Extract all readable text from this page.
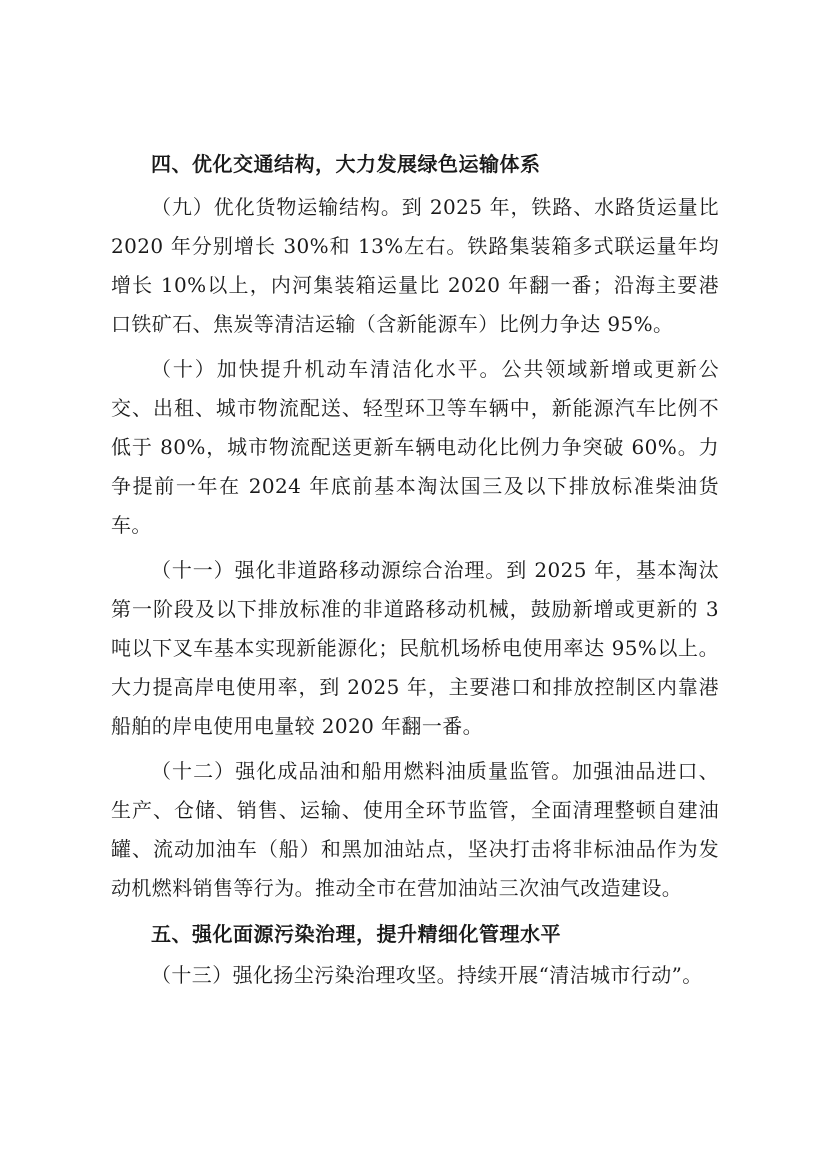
四、优化交通结构，大力发展绿色运输体系

（九）优化货物运输结构。到 2025 年，铁路、水路货运量比 2020 年分别增长 30%和 13%左右。铁路集装箱多式联运量年均增长 10%以上，内河集装箱运量比 2020 年翻一番；沿海主要港口铁矿石、焦炭等清洁运输（含新能源车）比例力争达 95%。

（十）加快提升机动车清洁化水平。公共领域新增或更新公交、出租、城市物流配送、轻型环卫等车辆中，新能源汽车比例不低于 80%，城市物流配送更新车辆电动化比例力争突破 60%。力争提前一年在 2024 年底前基本淘汰国三及以下排放标准柴油货车。

（十一）强化非道路移动源综合治理。到 2025 年，基本淘汰第一阶段及以下排放标准的非道路移动机械，鼓励新增或更新的 3 吨以下叉车基本实现新能源化；民航机场桥电使用率达 95%以上。大力提高岸电使用率，到 2025 年，主要港口和排放控制区内靠港船舶的岸电使用电量较 2020 年翻一番。

（十二）强化成品油和船用燃料油质量监管。加强油品进口、生产、仓储、销售、运输、使用全环节监管，全面清理整顿自建油罐、流动加油车（船）和黑加油站点，坚决打击将非标油品作为发动机燃料销售等行为。推动全市在营加油站三次油气改造建设。

五、强化面源污染治理，提升精细化管理水平

（十三）强化扬尘污染治理攻坚。持续开展“清洁城市行动”。
